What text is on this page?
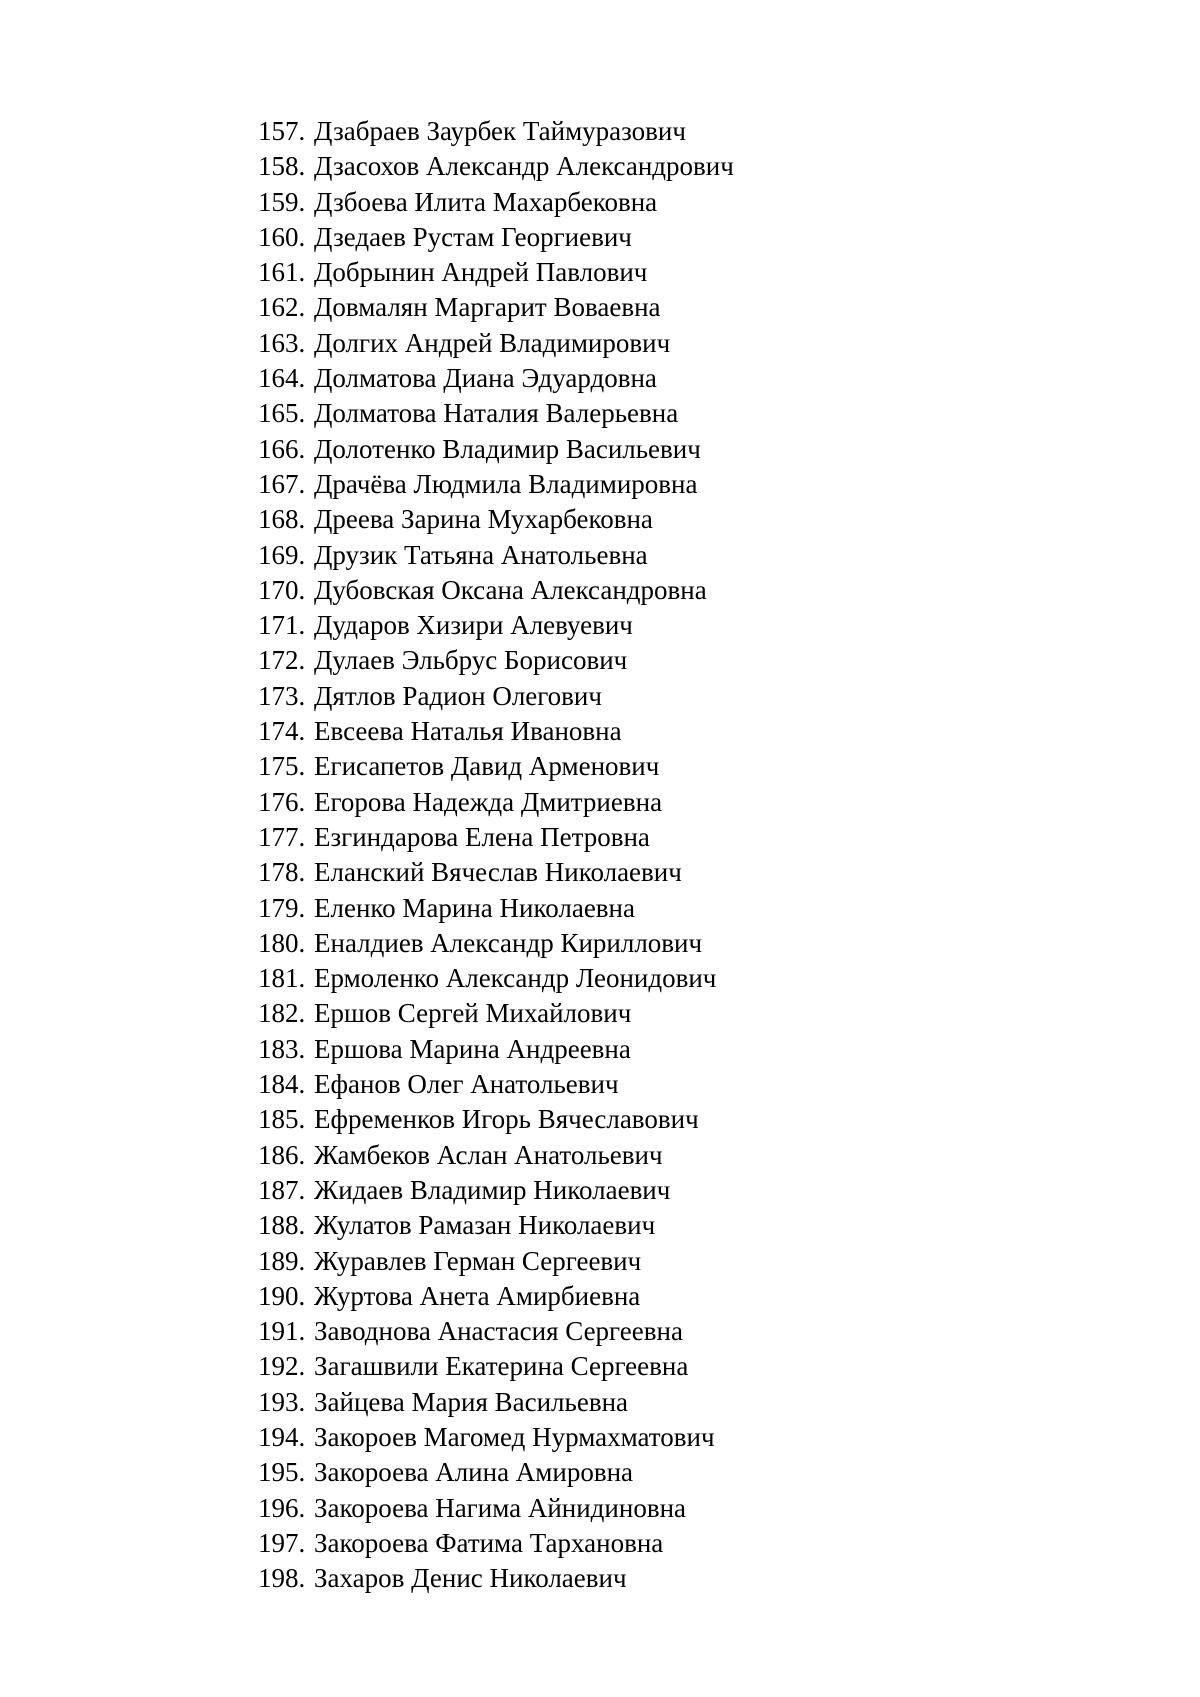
157. Дзабраев Заурбек Таймуразович
158. Дзасохов Александр Александрович
159. Дзбоева Илита Махарбековна
160. Дзедаев Рустам Георгиевич
161. Добрынин Андрей Павлович
162. Довмалян Маргарит Воваевна
163. Долгих Андрей Владимирович
164. Долматова Диана Эдуардовна
165. Долматова Наталия Валерьевна
166. Долотенко Владимир Васильевич
167. Драчёва Людмила Владимировна
168. Дреева Зарина Мухарбековна
169. Друзик Татьяна Анатольевна
170. Дубовская Оксана Александровна
171. Дударов Хизири Алевуевич
172. Дулаев Эльбрус Борисович
173. Дятлов Радион Олегович
174. Евсеева Наталья Ивановна
175. Егисапетов Давид Арменович
176. Егорова Надежда Дмитриевна
177. Езгиндарова Елена Петровна
178. Еланский Вячеслав Николаевич
179. Еленко Марина Николаевна
180. Еналдиев Александр Кириллович
181. Ермоленко Александр Леонидович
182. Ершов Сергей Михайлович
183. Ершова Марина Андреевна
184. Ефанов Олег Анатольевич
185. Ефременков Игорь Вячеславович
186. Жамбеков Аслан Анатольевич
187. Жидаев Владимир Николаевич
188. Жулатов Рамазан Николаевич
189. Журавлев Герман Сергеевич
190. Журтова Анета Амирбиевна
191. Заводнова Анастасия Сергеевна
192. Загашвили Екатерина Сергеевна
193. Зайцева Мария Васильевна
194. Закороев Магомед Нурмахматович
195. Закороева Алина Амировна
196. Закороева Нагима Айнидиновна
197. Закороева Фатима Тархановна
198. Захаров Денис Николаевич
